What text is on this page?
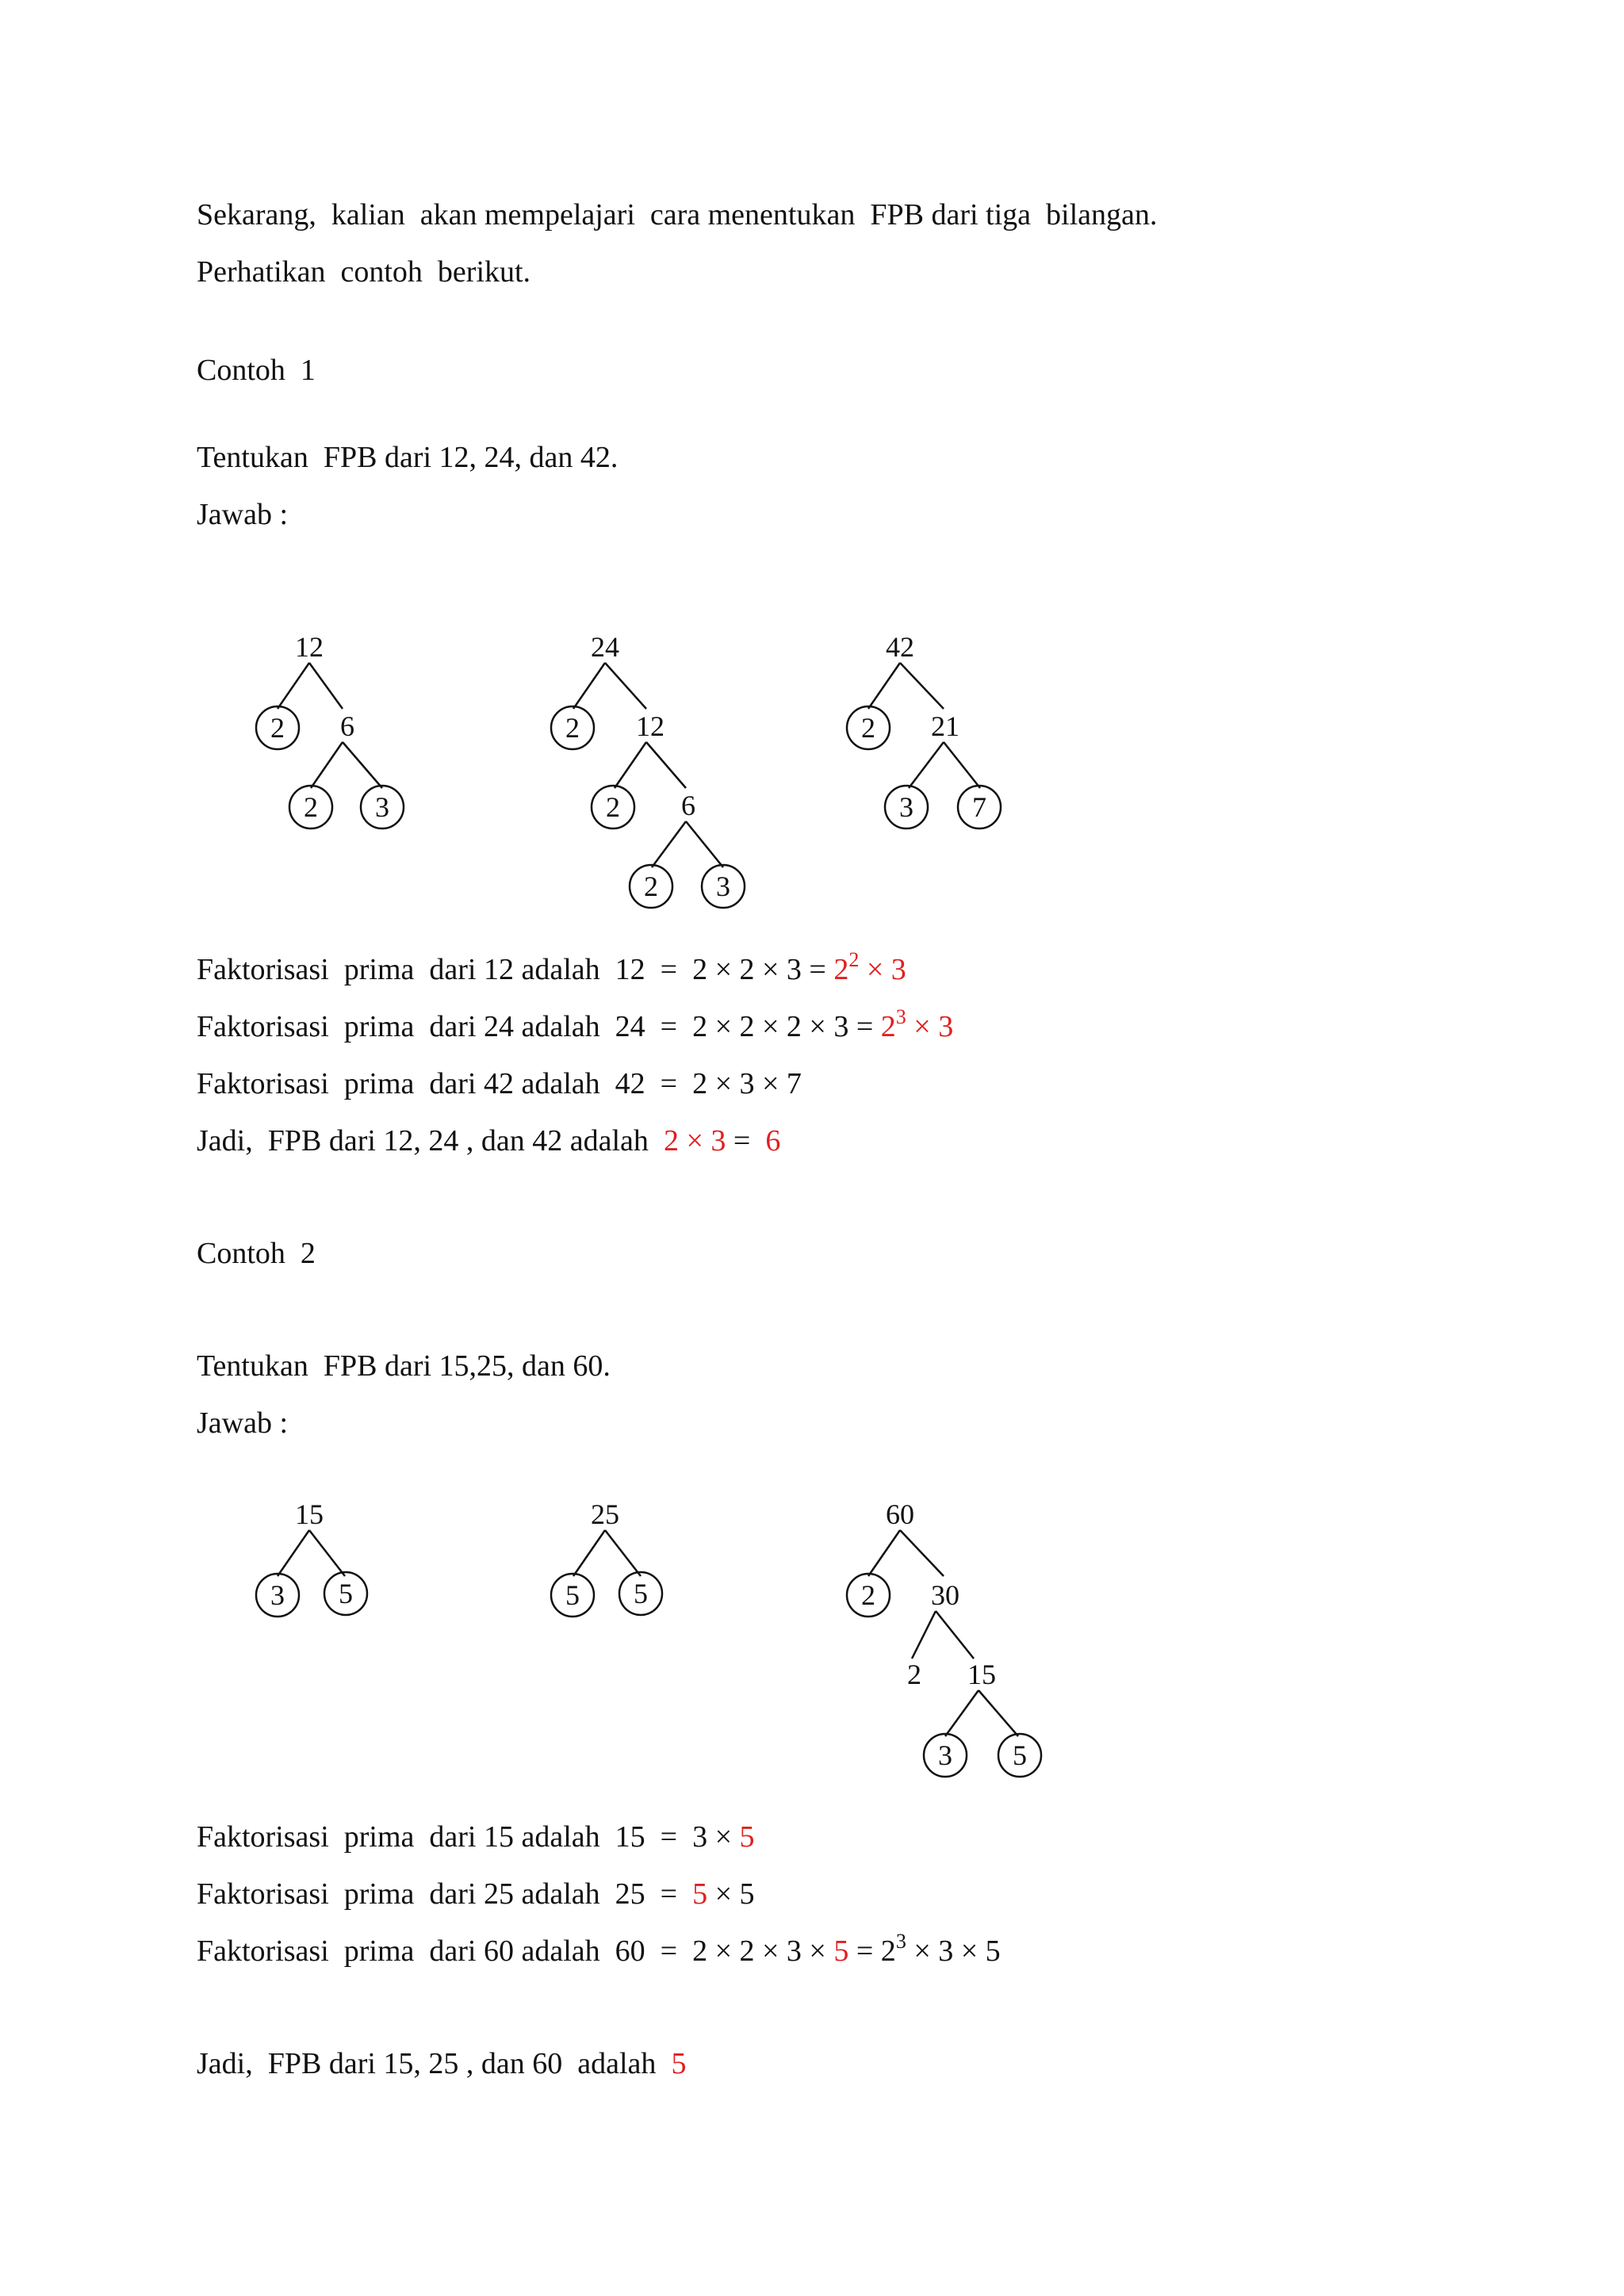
Sekarang,  kalian  akan mempelajari  cara menentukan  FPB dari tiga  bilangan.
Perhatikan  contoh  berikut.
Contoh  1
Tentukan  FPB dari 12, 24, dan 42.
Jawab :
12
2 6
2 3
24
2 12
2 6
2 3
42
2 21
3 7
15
3 5
25
5 5
60
2 30
2 15
3 5
Faktorisasi  prima  dari 12 adalah  $12 = 2 \times 2 \times 3 = 2^2 \times 3$
Faktorisasi  prima  dari 24 adalah  $24 = 2 \times 2 \times 2 \times 3 = 2^3 \times 3$
Faktorisasi  prima  dari 42 adalah  42  =  2 × 3 × 7
Jadi,  FPB dari 12, 24 , dan 42 adalah  2 × 3 =  6
Contoh  2
Tentukan  FPB dari 15,25, dan 60.
Jawab :
Faktorisasi  prima  dari 15 adalah  15  =  3 × 5
Faktorisasi  prima  dari 25 adalah  25  =  5 × 5
Faktorisasi  prima  dari 60 adalah  $60 = 2 \times 2 \times 3 \times 5 = 2^3 \times 3 \times 5$
Jadi,  FPB dari 15, 25 , dan 60  adalah  5
